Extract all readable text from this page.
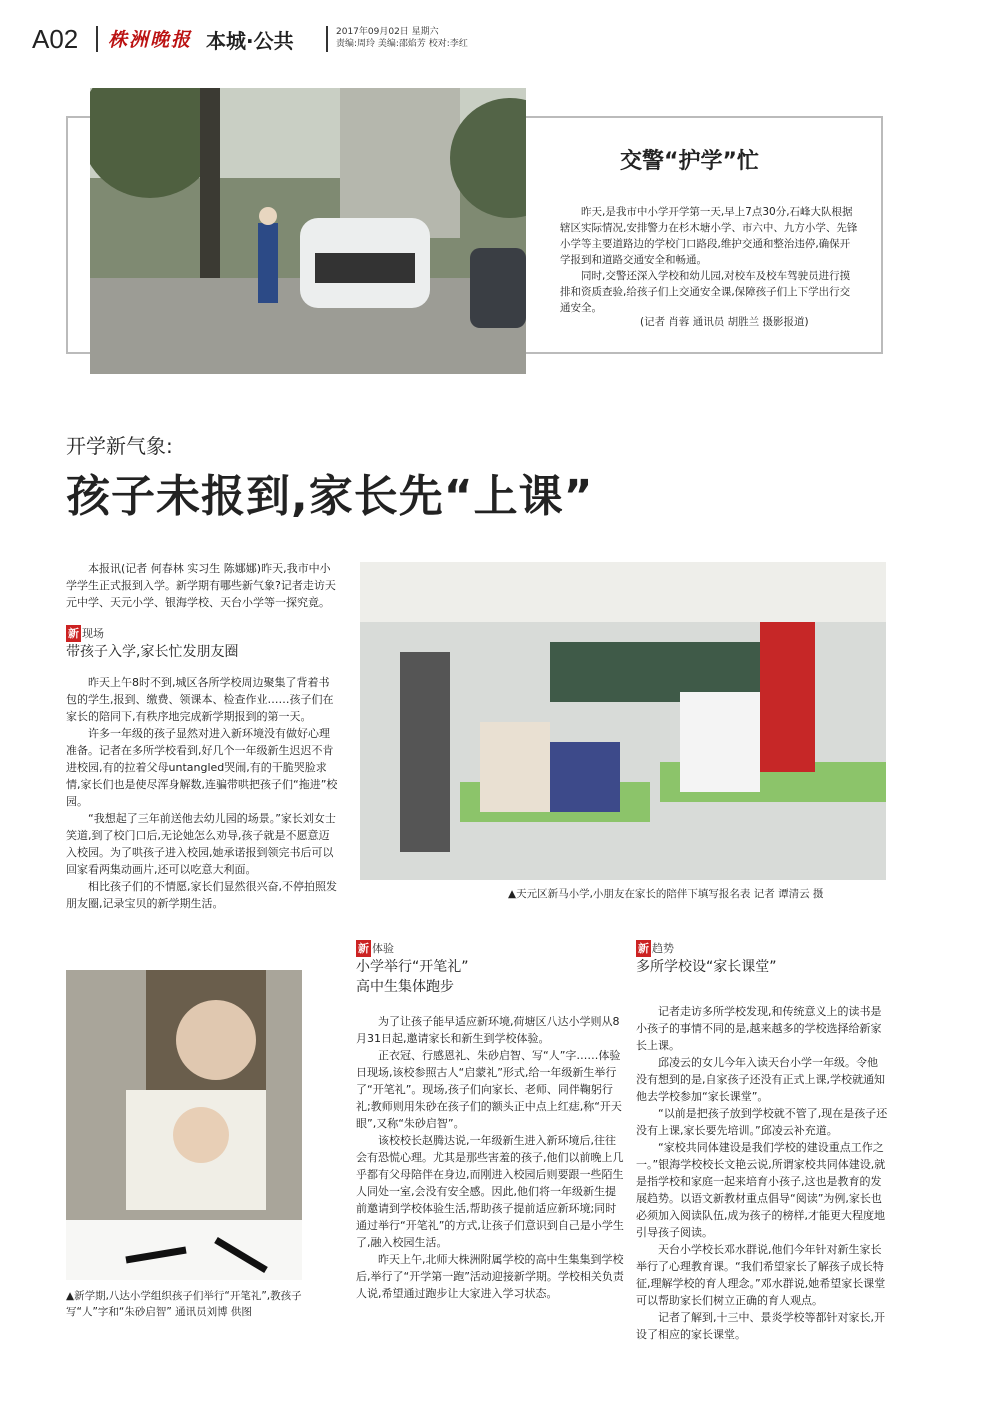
A02 株洲晚报 本城·公共	2017年09月02日 星期六
责编:周玲 美编:邵焰芳 校对:李红
交警“护学”忙

昨天,是我市中小学开学第一天,早上7点30分,石峰大队根据辖区实际情况,安排警力在杉木塘小学、市六中、九方小学、先锋小学等主要道路边的学校门口路段,维护交通和整治违停,确保开学报到和道路交通安全和畅通。

同时,交警还深入学校和幼儿园,对校车及校车驾驶员进行摸排和资质查验,给孩子们上交通安全课,保障孩子们上下学出行交通安全。

(记者 肖蓉 通讯员 胡胜兰 摄影报道)
开学新气象:
孩子未报到,家长先“上课”

本报讯(记者 何春林 实习生 陈娜娜)昨天,我市中小学学生正式报到入学。新学期有哪些新气象?记者走访天元中学、天元小学、银海学校、天台小学等一探究竟。

新 现场
带孩子入学,家长忙发朋友圈

昨天上午8时不到,城区各所学校周边聚集了背着书包的学生,报到、缴费、领课本、检查作业……孩子们在家长的陪同下,有秩序地完成新学期报到的第一天。

许多一年级的孩子显然对进入新环境没有做好心理准备。记者在多所学校看到,好几个一年级新生迟迟不肯进校园,有的拉着父母untangled哭闹,有的干脆哭脸求情,家长们也是使尽浑身解数,连骗带哄把孩子们“拖进”校园。

“我想起了三年前送他去幼儿园的场景。”家长刘女士笑道,到了校门口后,无论她怎么劝导,孩子就是不愿意迈入校园。为了哄孩子进入校园,她承诺报到领完书后可以回家看两集动画片,还可以吃意大利面。

相比孩子们的不情愿,家长们显然很兴奋,不停拍照发朋友圈,记录宝贝的新学期生活。

▲天元区新马小学,小朋友在家长的陪伴下填写报名表 记者 谭清云 摄
▲新学期,八达小学组织孩子们举行“开笔礼”,教孩子写“人”字和“朱砂启智” 通讯员刘博 供图
新 体验
小学举行“开笔礼”
高中生集体跑步

为了让孩子能早适应新环境,荷塘区八达小学则从8月31日起,邀请家长和新生到学校体验。

正衣冠、行感恩礼、朱砂启智、写“人”字……体验日现场,该校参照古人“启蒙礼”形式,给一年级新生举行了“开笔礼”。现场,孩子们向家长、老师、同伴鞠躬行礼;教师则用朱砂在孩子们的额头正中点上红痣,称“开天眼”,又称“朱砂启智”。

该校校长赵腾达说,一年级新生进入新环境后,往往会有恐慌心理。尤其是那些害羞的孩子,他们以前晚上几乎都有父母陪伴在身边,而刚进入校园后则要跟一些陌生人同处一室,会没有安全感。因此,他们将一年级新生提前邀请到学校体验生活,帮助孩子提前适应新环境;同时通过举行“开笔礼”的方式,让孩子们意识到自己是小学生了,融入校园生活。

昨天上午,北师大株洲附属学校的高中生集集到学校后,举行了“开学第一跑”活动迎接新学期。学校相关负责人说,希望通过跑步让大家进入学习状态。

新 趋势
多所学校设“家长课堂”

记者走访多所学校发现,和传统意义上的读书是小孩子的事情不同的是,越来越多的学校选择给新家长上课。

邱凌云的女儿今年入读天台小学一年级。令他没有想到的是,自家孩子还没有正式上课,学校就通知他去学校参加“家长课堂”。

“以前是把孩子放到学校就不管了,现在是孩子还没有上课,家长要先培训。”邱凌云补充道。

“家校共同体建设是我们学校的建设重点工作之一。”银海学校校长文艳云说,所谓家校共同体建设,就是指学校和家庭一起来培育小孩子,这也是教育的发展趋势。以语文新教材重点倡导“阅读”为例,家长也必须加入阅读队伍,成为孩子的榜样,才能更大程度地引导孩子阅读。

天台小学校长邓水群说,他们今年针对新生家长举行了心理教育课。“我们希望家长了解孩子成长特征,理解学校的育人理念。”邓水群说,她希望家长课堂可以帮助家长们树立正确的育人观点。

记者了解到,十三中、景炎学校等都针对家长,开设了相应的家长课堂。
